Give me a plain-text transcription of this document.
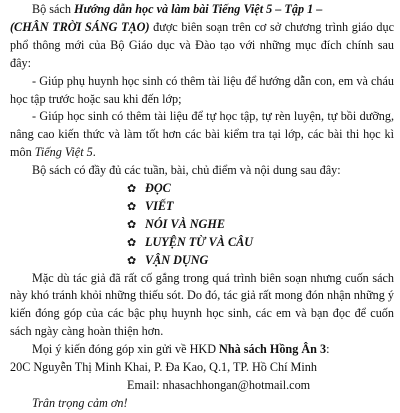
Bộ sách Hướng dẫn học và làm bài Tiếng Việt 5 – Tập 1 –
(CHÂN TRỜI SÁNG TẠO) được biên soạn trên cơ sở chương trình giáo dục phổ thông mới của Bộ Giáo dục và Đào tạo với những mục đích chính sau đây:

- Giúp phụ huynh học sinh có thêm tài liệu để hướng dẫn con, em và cháu học tập trước hoặc sau khi đến lớp;

- Giúp học sinh có thêm tài liệu để tự học tập, tự rèn luyện, tự bồi dưỡng, nâng cao kiến thức và làm tốt hơn các bài kiểm tra tại lớp, các bài thi học kì môn Tiếng Việt 5.

Bộ sách có đầy đủ các tuần, bài, chủ điểm và nội dung sau đây:

✿ ĐỌC
✿ VIẾT
✿ NÓI VÀ NGHE
✿ LUYỆN TỪ VÀ CÂU
✿ VẬN DỤNG

Mặc dù tác giả đã rất cố gắng trong quá trình biên soạn nhưng cuốn sách này khó tránh khỏi những thiếu sót. Do đó, tác giả rất mong đón nhận những ý kiến đóng góp của các bậc phụ huynh học sinh, các em và bạn đọc để cuốn sách ngày càng hoàn thiện hơn.

Mọi ý kiến đóng góp xin gửi về HKD Nhà sách Hồng Ân 3:

20C Nguyễn Thị Minh Khai, P. Đa Kao, Q.1, TP. Hồ Chí Minh

Email: nhasachhongan@hotmail.com

Trân trọng cảm ơn!
